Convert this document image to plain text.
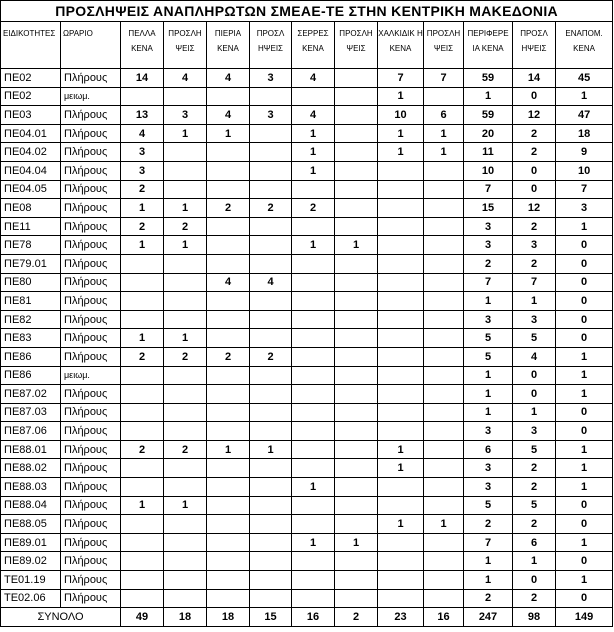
ΠΡΟΣΛΗΨΕΙΣ ΑΝΑΠΛΗΡΩΤΩΝ ΣΜΕΑΕ-ΤΕ ΣΤΗΝ ΚΕΝΤΡΙΚΗ ΜΑΚΕΔΟΝΙΑ												
ΕΙΔΙΚΟΤΗΤΕΣ	ΩΡΑΡΙΟ	ΠΕΛΛΑ ΚΕΝΑ	ΠΡΟΣΛΗ ΨΕΙΣ	ΠΙΕΡΙΑ ΚΕΝΑ	ΠΡΟΣΛ ΗΨΕΙΣ	ΣΕΡΡΕΣ ΚΕΝΑ	ΠΡΟΣΛΗ ΨΕΙΣ	ΧΑΛΚΙΔΙΚ Η ΚΕΝΑ	ΠΡΟΣΛΗ ΨΕΙΣ	ΠΕΡΙΦΕΡΕ ΙΑ ΚΕΝΑ	ΠΡΟΣΛ ΗΨΕΙΣ	ΕΝΑΠΟΜ. ΚΕΝΑ
ΠΕ02	Πλήρους	14	4	4	3	4		7	7	59	14	45
ΠΕ02	μειωμ.							1		1	0	1
ΠΕ03	Πλήρους	13	3	4	3	4		10	6	59	12	47
ΠΕ04.01	Πλήρους	4	1	1		1		1	1	20	2	18
ΠΕ04.02	Πλήρους	3				1		1	1	11	2	9
ΠΕ04.04	Πλήρους	3				1				10	0	10
ΠΕ04.05	Πλήρους	2								7	0	7
ΠΕ08	Πλήρους	1	1	2	2	2				15	12	3
ΠΕ11	Πλήρους	2	2							3	2	1
ΠΕ78	Πλήρους	1	1			1	1			3	3	0
ΠΕ79.01	Πλήρους									2	2	0
ΠΕ80	Πλήρους			4	4					7	7	0
ΠΕ81	Πλήρους									1	1	0
ΠΕ82	Πλήρους									3	3	0
ΠΕ83	Πλήρους	1	1							5	5	0
ΠΕ86	Πλήρους	2	2	2	2					5	4	1
ΠΕ86	μειωμ.									1	0	1
ΠΕ87.02	Πλήρους									1	0	1
ΠΕ87.03	Πλήρους									1	1	0
ΠΕ87.06	Πλήρους									3	3	0
ΠΕ88.01	Πλήρους	2	2	1	1			1		6	5	1
ΠΕ88.02	Πλήρους							1		3	2	1
ΠΕ88.03	Πλήρους					1				3	2	1
ΠΕ88.04	Πλήρους	1	1							5	5	0
ΠΕ88.05	Πλήρους							1	1	2	2	0
ΠΕ89.01	Πλήρους					1	1			7	6	1
ΠΕ89.02	Πλήρους									1	1	0
ΤΕ01.19	Πλήρους									1	0	1
ΤΕ02.06	Πλήρους									2	2	0
ΣΥΝΟΛΟ		49	18	18	15	16	2	23	16	247	98	149
